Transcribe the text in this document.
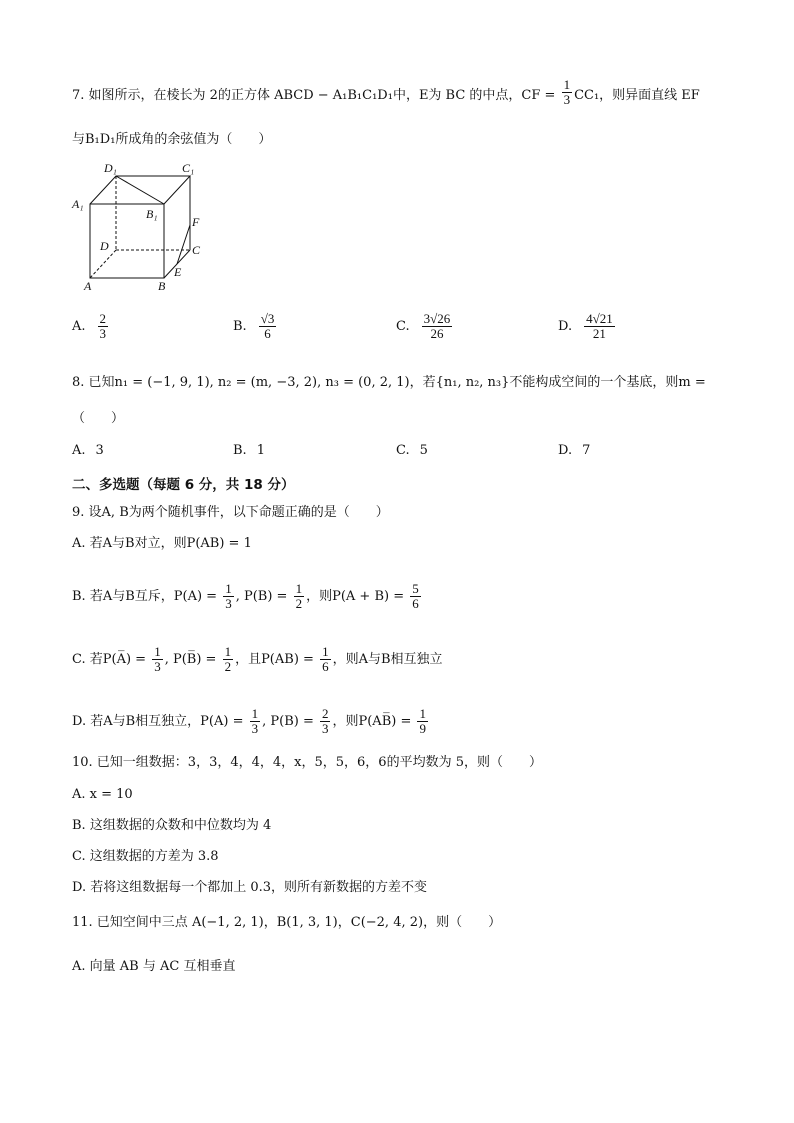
7. 如图所示，在棱长为 2的正方体 ABCD − A₁B₁C₁D₁中，E为 BC 的中点，CF = $\frac{1}{3} CC_1$，则异面直线 EF
与B₁D₁所成角的余弦值为（　　）
D₁	C₁
A₁
B₁
F
D	C
A	B
E
A. $\frac{2}{3}$	B. $\frac{√3}{6}$	C. $\frac{3√26}{26}$	D. $\frac{4√21}{21}$
8. 已知n₁ = (−1, 9, 1), n₂ = (m, −3, 2), n₃ = (0, 2, 1)，若{n₁, n₂, n₃}不能构成空间的一个基底，则m =
（　　）
A. 3	B. 1	C. 5	D. 7
二、多选题（每题 6 分，共 18 分）
9. 设A, B为两个随机事件，以下命题正确的是（　　）
A. 若A与B对立，则P(AB) = 1
B. 若A与B互斥，$P(A) = \frac{1}{3}$ , $P(B) = \frac{1}{2}$ ，则$P(A + B) = \frac{5}{6}$
C. 若P(A̅) = $\frac{1}{3}$ , P(B̅) = $\frac{1}{2}$ ，且$P(AB) = \frac{1}{6}$ ，则A与B相互独立
D. 若A与B相互独立，$P(A) = \frac{1}{3}$ , $P(B) = \frac{2}{3}$ ，则P(AB̅) = $\frac{1}{9}$
10. 已知一组数据：3，3，4，4，4，x，5，5，6，6的平均数为 5，则（　　）
A. x = 10
B. 这组数据的众数和中位数均为 4
C. 这组数据的方差为 3.8
D. 若将这组数据每一个都加上 0.3，则所有新数据的方差不变
11. 已知空间中三点 A(−1, 2, 1)，B(1, 3, 1)，C(−2, 4, 2)，则（　　）
A. 向量 AB 与 AC 互相垂直
